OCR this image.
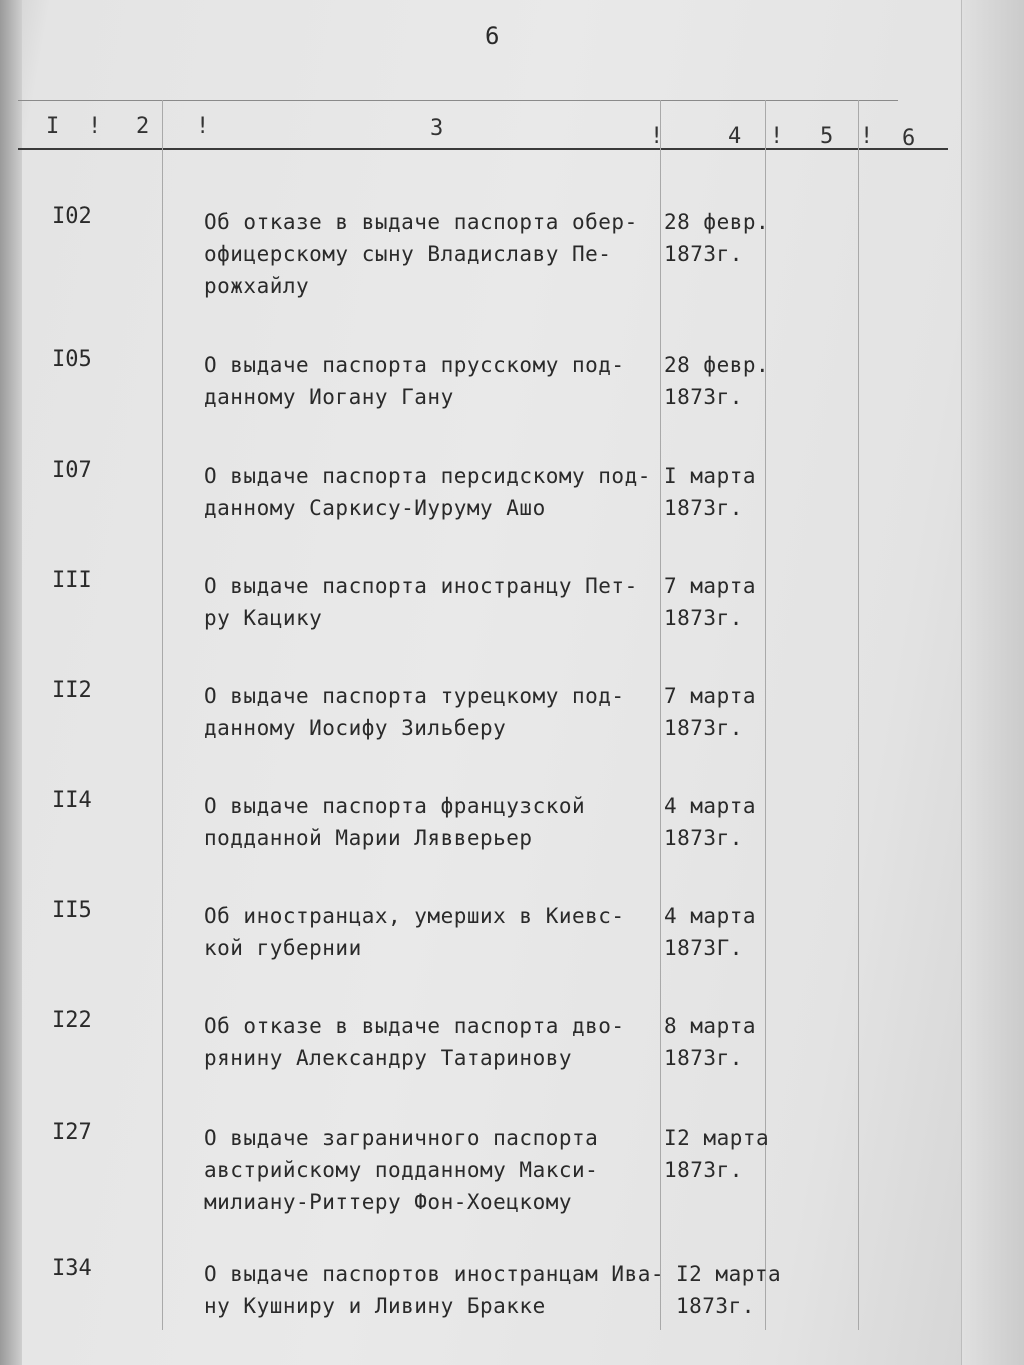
6
I ! 2 !	3	!	4 ! 5 ! 6
I02	Об отказе в выдаче паспорта обер-
офицерскому сыну Владиславу Пе-
рожхайлу
28 февр.
1873г.
I05	О выдаче паспорта прусскому под-
данному Иогану Гану
28 февр.
1873г.
I07	О выдаче паспорта персидскому под-
данному Саркису-Иуруму Ашо
I марта
1873г.
III	О выдаче паспорта иностранцу Пет-
ру Кацику
7 марта
1873г.
II2	О выдаче паспорта турецкому под-
данному Иосифу Зильберу
7 марта
1873г.
II4	О выдаче паспорта французской
подданной Марии Лявверьер
4 марта
1873г.
II5	Об иностранцах, умерших в Киевс-
кой губернии
4 марта
1873Г.
I22	Об отказе в выдаче паспорта дво-
рянину Александру Татаринову
8 марта
1873г.
I27	О выдаче заграничного паспорта
австрийскому подданному Макси-
милиану-Риттеру Фон-Хоецкому
I2 марта
1873г.
I34	О выдаче паспортов иностранцам Ива-
ну Кушниру и Ливину Бракке
I2 марта
1873г.
